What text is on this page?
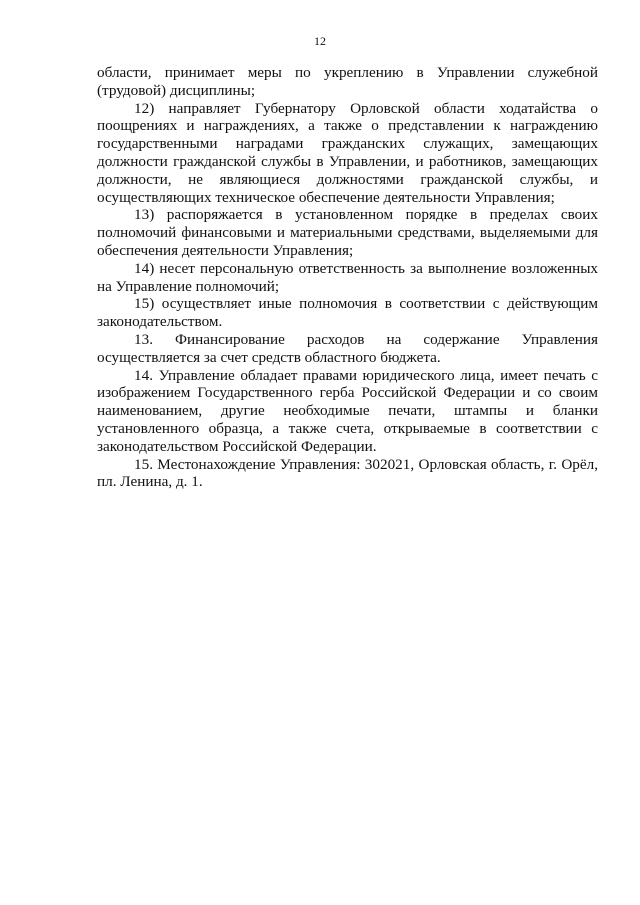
12

области, принимает меры по укреплению в Управлении служебной (трудовой) дисциплины;

12) направляет Губернатору Орловской области ходатайства о поощрениях и награждениях, а также о представлении к награждению государственными наградами гражданских служащих, замещающих должности гражданской службы в Управлении, и работников, замещающих должности, не являющиеся должностями гражданской службы, и осуществляющих техническое обеспечение деятельности Управления;

13) распоряжается в установленном порядке в пределах своих полномочий финансовыми и материальными средствами, выделяемыми для обеспечения деятельности Управления;

14) несет персональную ответственность за выполнение возложенных на Управление полномочий;

15) осуществляет иные полномочия в соответствии с действующим законодательством.

13. Финансирование расходов на содержание Управления осуществляется за счет средств областного бюджета.

14. Управление обладает правами юридического лица, имеет печать с изображением Государственного герба Российской Федерации и со своим наименованием, другие необходимые печати, штампы и бланки установленного образца, а также счета, открываемые в соответствии с законодательством Российской Федерации.

15. Местонахождение Управления: 302021, Орловская область, г. Орёл, пл. Ленина, д. 1.
